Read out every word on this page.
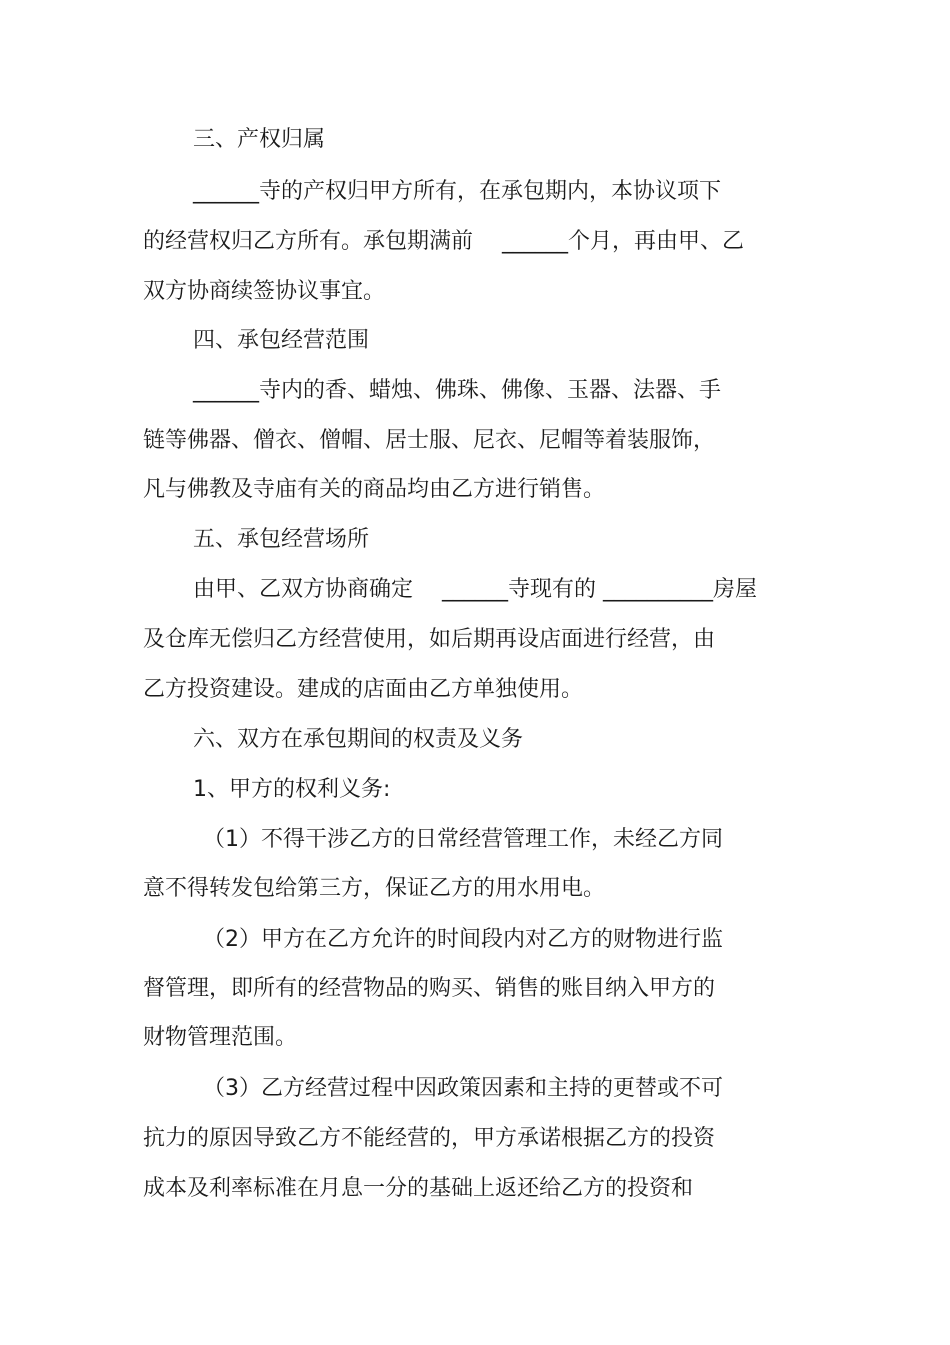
三、产权归属
______寺的产权归甲方所有，在承包期内，本协议项下
的经营权归乙方所有。承包期满前　 ______个月，再由甲、乙
双方协商续签协议事宜。
四、承包经营范围
______寺内的香、蜡烛、佛珠、佛像、玉器、法器、手
链等佛器、僧衣、僧帽、居士服、尼衣、尼帽等着装服饰，
凡与佛教及寺庙有关的商品均由乙方进行销售。
五、承包经营场所
由甲、乙双方协商确定　 ______寺现有的 __________房屋
及仓库无偿归乙方经营使用，如后期再设店面进行经营，由
乙方投资建设。建成的店面由乙方单独使用。
六、双方在承包期间的权责及义务
1、甲方的权利义务:
（1）不得干涉乙方的日常经营管理工作，未经乙方同
意不得转发包给第三方，保证乙方的用水用电。
（2）甲方在乙方允许的时间段内对乙方的财物进行监
督管理，即所有的经营物品的购买、销售的账目纳入甲方的
财物管理范围。
（3）乙方经营过程中因政策因素和主持的更替或不可
抗力的原因导致乙方不能经营的，甲方承诺根据乙方的投资
成本及利率标准在月息一分的基础上返还给乙方的投资和
